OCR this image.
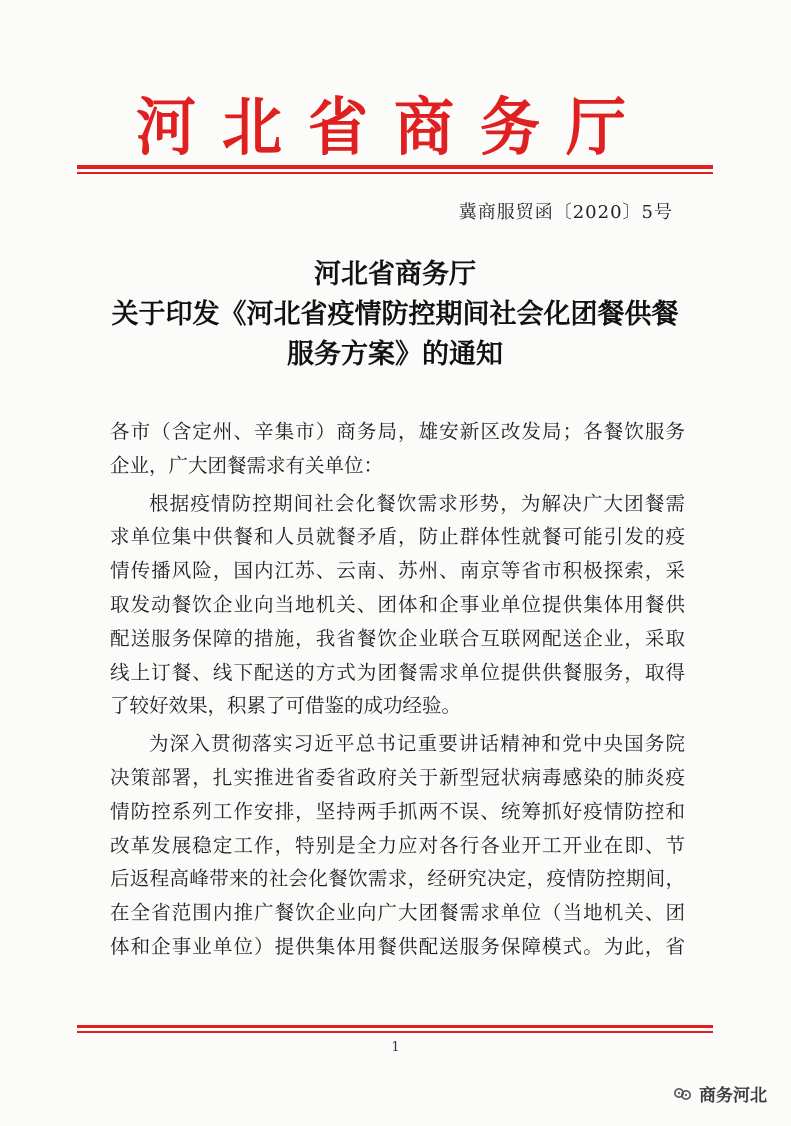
河北省商务厅
冀商服贸函〔2020〕5号
河北省商务厅
关于印发《河北省疫情防控期间社会化团餐供餐
服务方案》的通知
各市（含定州、辛集市）商务局，雄安新区改发局；各餐饮服务
企业，广大团餐需求有关单位：
根据疫情防控期间社会化餐饮需求形势，为解决广大团餐需
求单位集中供餐和人员就餐矛盾，防止群体性就餐可能引发的疫
情传播风险，国内江苏、云南、苏州、南京等省市积极探索，采
取发动餐饮企业向当地机关、团体和企事业单位提供集体用餐供
配送服务保障的措施，我省餐饮企业联合互联网配送企业，采取
线上订餐、线下配送的方式为团餐需求单位提供供餐服务，取得
了较好效果，积累了可借鉴的成功经验。
为深入贯彻落实习近平总书记重要讲话精神和党中央国务院
决策部署，扎实推进省委省政府关于新型冠状病毒感染的肺炎疫
情防控系列工作安排，坚持两手抓两不误、统筹抓好疫情防控和
改革发展稳定工作，特别是全力应对各行各业开工开业在即、节
后返程高峰带来的社会化餐饮需求，经研究决定，疫情防控期间，
在全省范围内推广餐饮企业向广大团餐需求单位（当地机关、团
体和企事业单位）提供集体用餐供配送服务保障模式。为此，省
1
商务河北
